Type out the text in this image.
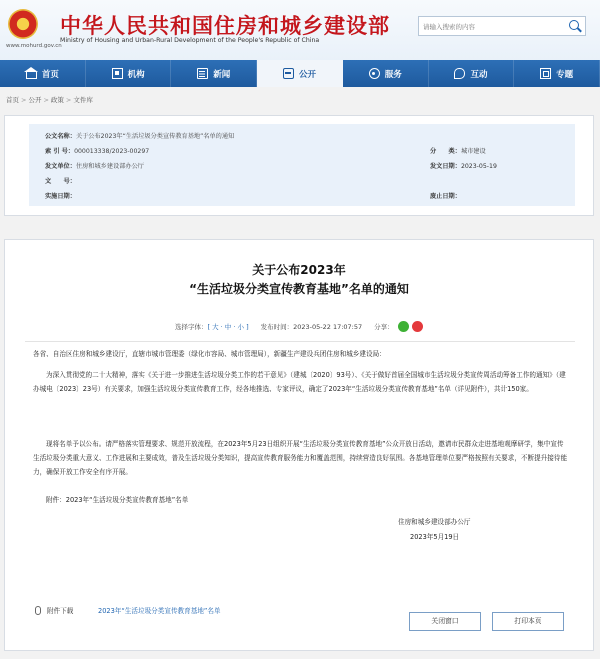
中华人民共和国住房和城乡建设部
Ministry of Housing and Urban-Rural Development of the People's Republic of China
www.mohurd.gov.cn
请输入搜索的内容
首页	机构	新闻	公开	服务	互动	专题
首页 > 公开 > 政策 > 文件库
公文名称：关于公布2023年“生活垃圾分类宣传教育基地”名单的通知
索 引 号：000013338/2023-00297	分　　类：城市建设
发文单位：住房和城乡建设部办公厅	发文日期：2023-05-19
文　　号：
实施日期：	废止日期：
关于公布2023年
“生活垃圾分类宣传教育基地”名单的通知
选择字体： [ 大 · 中 · 小 ] 发布时间： 2023-05-22 17:07:57 分享：
各省、自治区住房和城乡建设厅，直辖市城市管理委（绿化市容局、城市管理局），新疆生产建设兵团住房和城乡建设局：
为深入贯彻党的二十大精神，落实《关于进一步推进生活垃圾分类工作的若干意见》（建城〔2020〕93号）、《关于做好首届全国城市生活垃圾分类宣传周活动筹备工作的通知》（建办城电〔2023〕23号）有关要求，加强生活垃圾分类宣传教育工作，经各地推选、专家评议，确定了2023年“生活垃圾分类宣传教育基地”名单（详见附件），共计150家。
现将名单予以公布。请严格落实管理要求、规范开放流程，在2023年5月23日组织开展“生活垃圾分类宣传教育基地”公众开放日活动，邀请市民群众走进基地观摩研学，集中宣传生活垃圾分类重大意义、工作进展和主要成效，普及生活垃圾分类知识，提高宣传教育服务能力和覆盖范围，持续营造良好氛围。各基地管理单位要严格按照有关要求，不断提升接待能力，确保开放工作安全有序开展。
附件：2023年“生活垃圾分类宣传教育基地”名单
住房和城乡建设部办公厅
2023年5月19日
附件下载	2023年“生活垃圾分类宣传教育基地”名单
关闭窗口	打印本页
